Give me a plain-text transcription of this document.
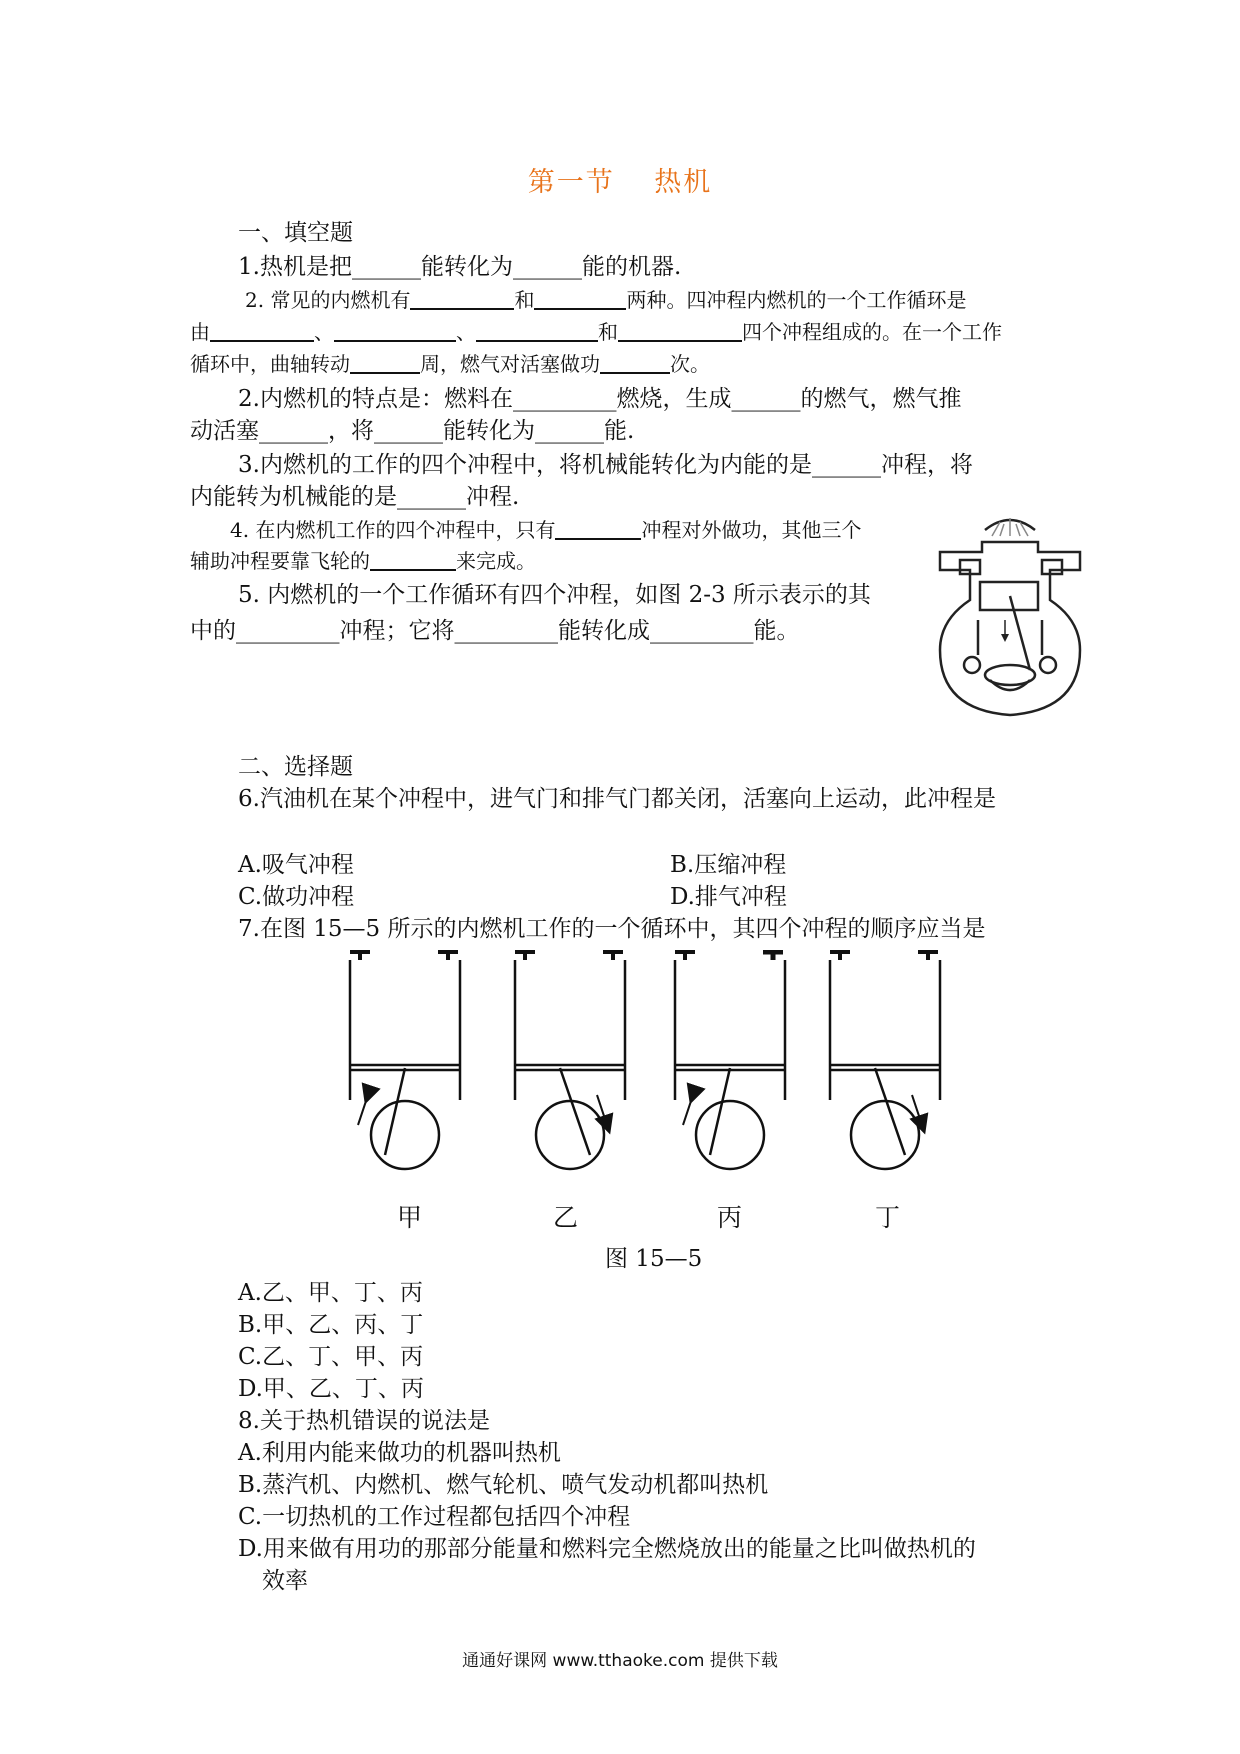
第一节　 热机
一、填空题
1.热机是把______能转化为______能的机器.
2. 常见的内燃机有	和	两种。四冲程内燃机的一个工作循环是
由	、	、	和	四个冲程组成的。在一个工作
循环中，曲轴转动	周，燃气对活塞做功	次。
2.内燃机的特点是：燃料在_________燃烧，生成______的燃气，燃气推
动活塞______，将______能转化为______能.
3.内燃机的工作的四个冲程中，将机械能转化为内能的是______冲程，将
内能转为机械能的是______冲程.
4. 在内燃机工作的四个冲程中，只有	冲程对外做功，其他三个
辅助冲程要靠飞轮的	来完成。
5. 内燃机的一个工作循环有四个冲程，如图 2-3 所示表示的其
中的_________冲程；它将_________能转化成_________能。
二、选择题
6.汽油机在某个冲程中，进气门和排气门都关闭，活塞向上运动，此冲程是
A.吸气冲程	B.压缩冲程
C.做功冲程	D.排气冲程
7.在图 15—5 所示的内燃机工作的一个循环中，其四个冲程的顺序应当是
甲	乙	丙	丁
图 15—5
A.乙、甲、丁、丙
B.甲、乙、丙、丁
C.乙、丁、甲、丙
D.甲、乙、丁、丙
8.关于热机错误的说法是
A.利用内能来做功的机器叫热机
B.蒸汽机、内燃机、燃气轮机、喷气发动机都叫热机
C.一切热机的工作过程都包括四个冲程
D.用来做有用功的那部分能量和燃料完全燃烧放出的能量之比叫做热机的
效率
通通好课网 www.tthaoke.com 提供下载
